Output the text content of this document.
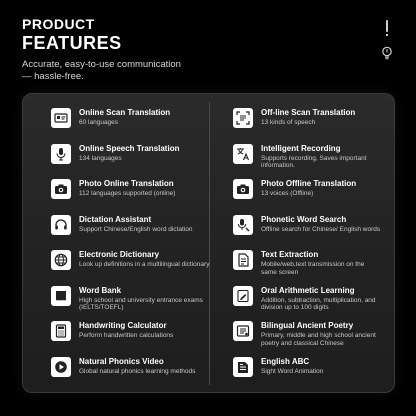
PRODUCT
FEATURES
Accurate, easy-to-use communication — hassle-free.
Online Scan Translation
60 languages
Off-line Scan Translation
13 kinds of speech
Online Speech Translation
134 languages
Intelligent Recording
Supports recording, Saves important information.
Photo Online Translation
112 languages supported (online)
Photo Offline Translation
13 voices (Offline)
Dictation Assistant
Support Chinese/English word dictation
Phonetic Word Search
Offline search for Chinese/ English words
Electronic Dictionary
Look up definitions in a multilingual dictionary
Text Extraction
Mobile/web,text transmission on the same screen
Word Bank
High school and university entrance exams (IELTS/TOEFL)
Oral Arithmetic Learning
Addition, subtraction, multiplication, and division up to 100 digits
Handwriting Calculator
Perform handwritten calculations
Bilingual Ancient Poetry
Primary, middle and high school ancient poetry and classical Chinese
Natural Phonics Video
Global natural phonics learning methods
English ABC
Sight Word Animation
